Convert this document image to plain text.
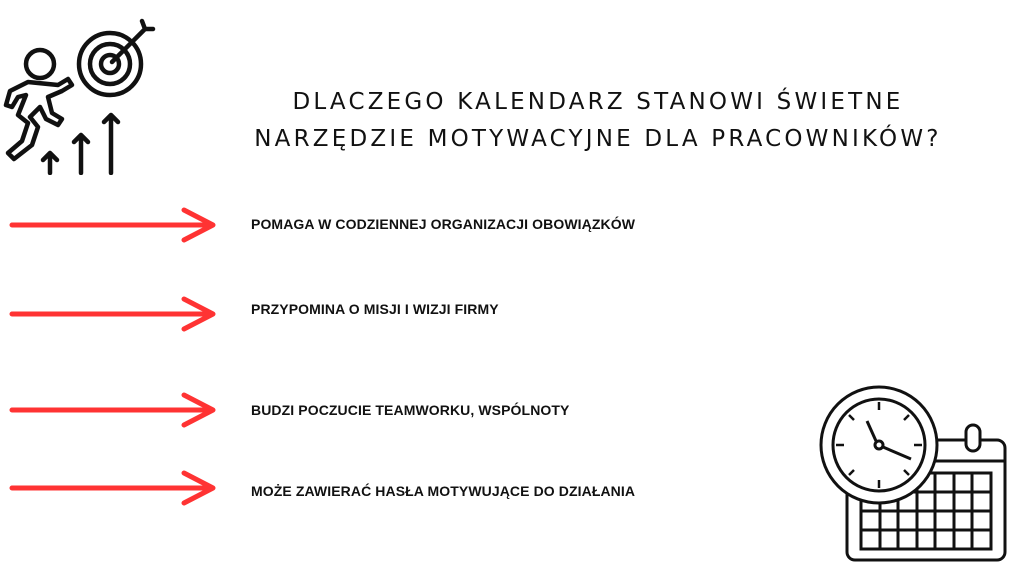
DLACZEGO KALENDARZ STANOWI ŚWIETNE
NARZĘDZIE MOTYWACYJNE DLA PRACOWNIKÓW?
POMAGA W CODZIENNEJ ORGANIZACJI OBOWIĄZKÓW
PRZYPOMINA O MISJI I WIZJI FIRMY
BUDZI POCZUCIE TEAMWORKU, WSPÓLNOTY
MOŻE ZAWIERAĆ HASŁA MOTYWUJĄCE DO DZIAŁANIA
